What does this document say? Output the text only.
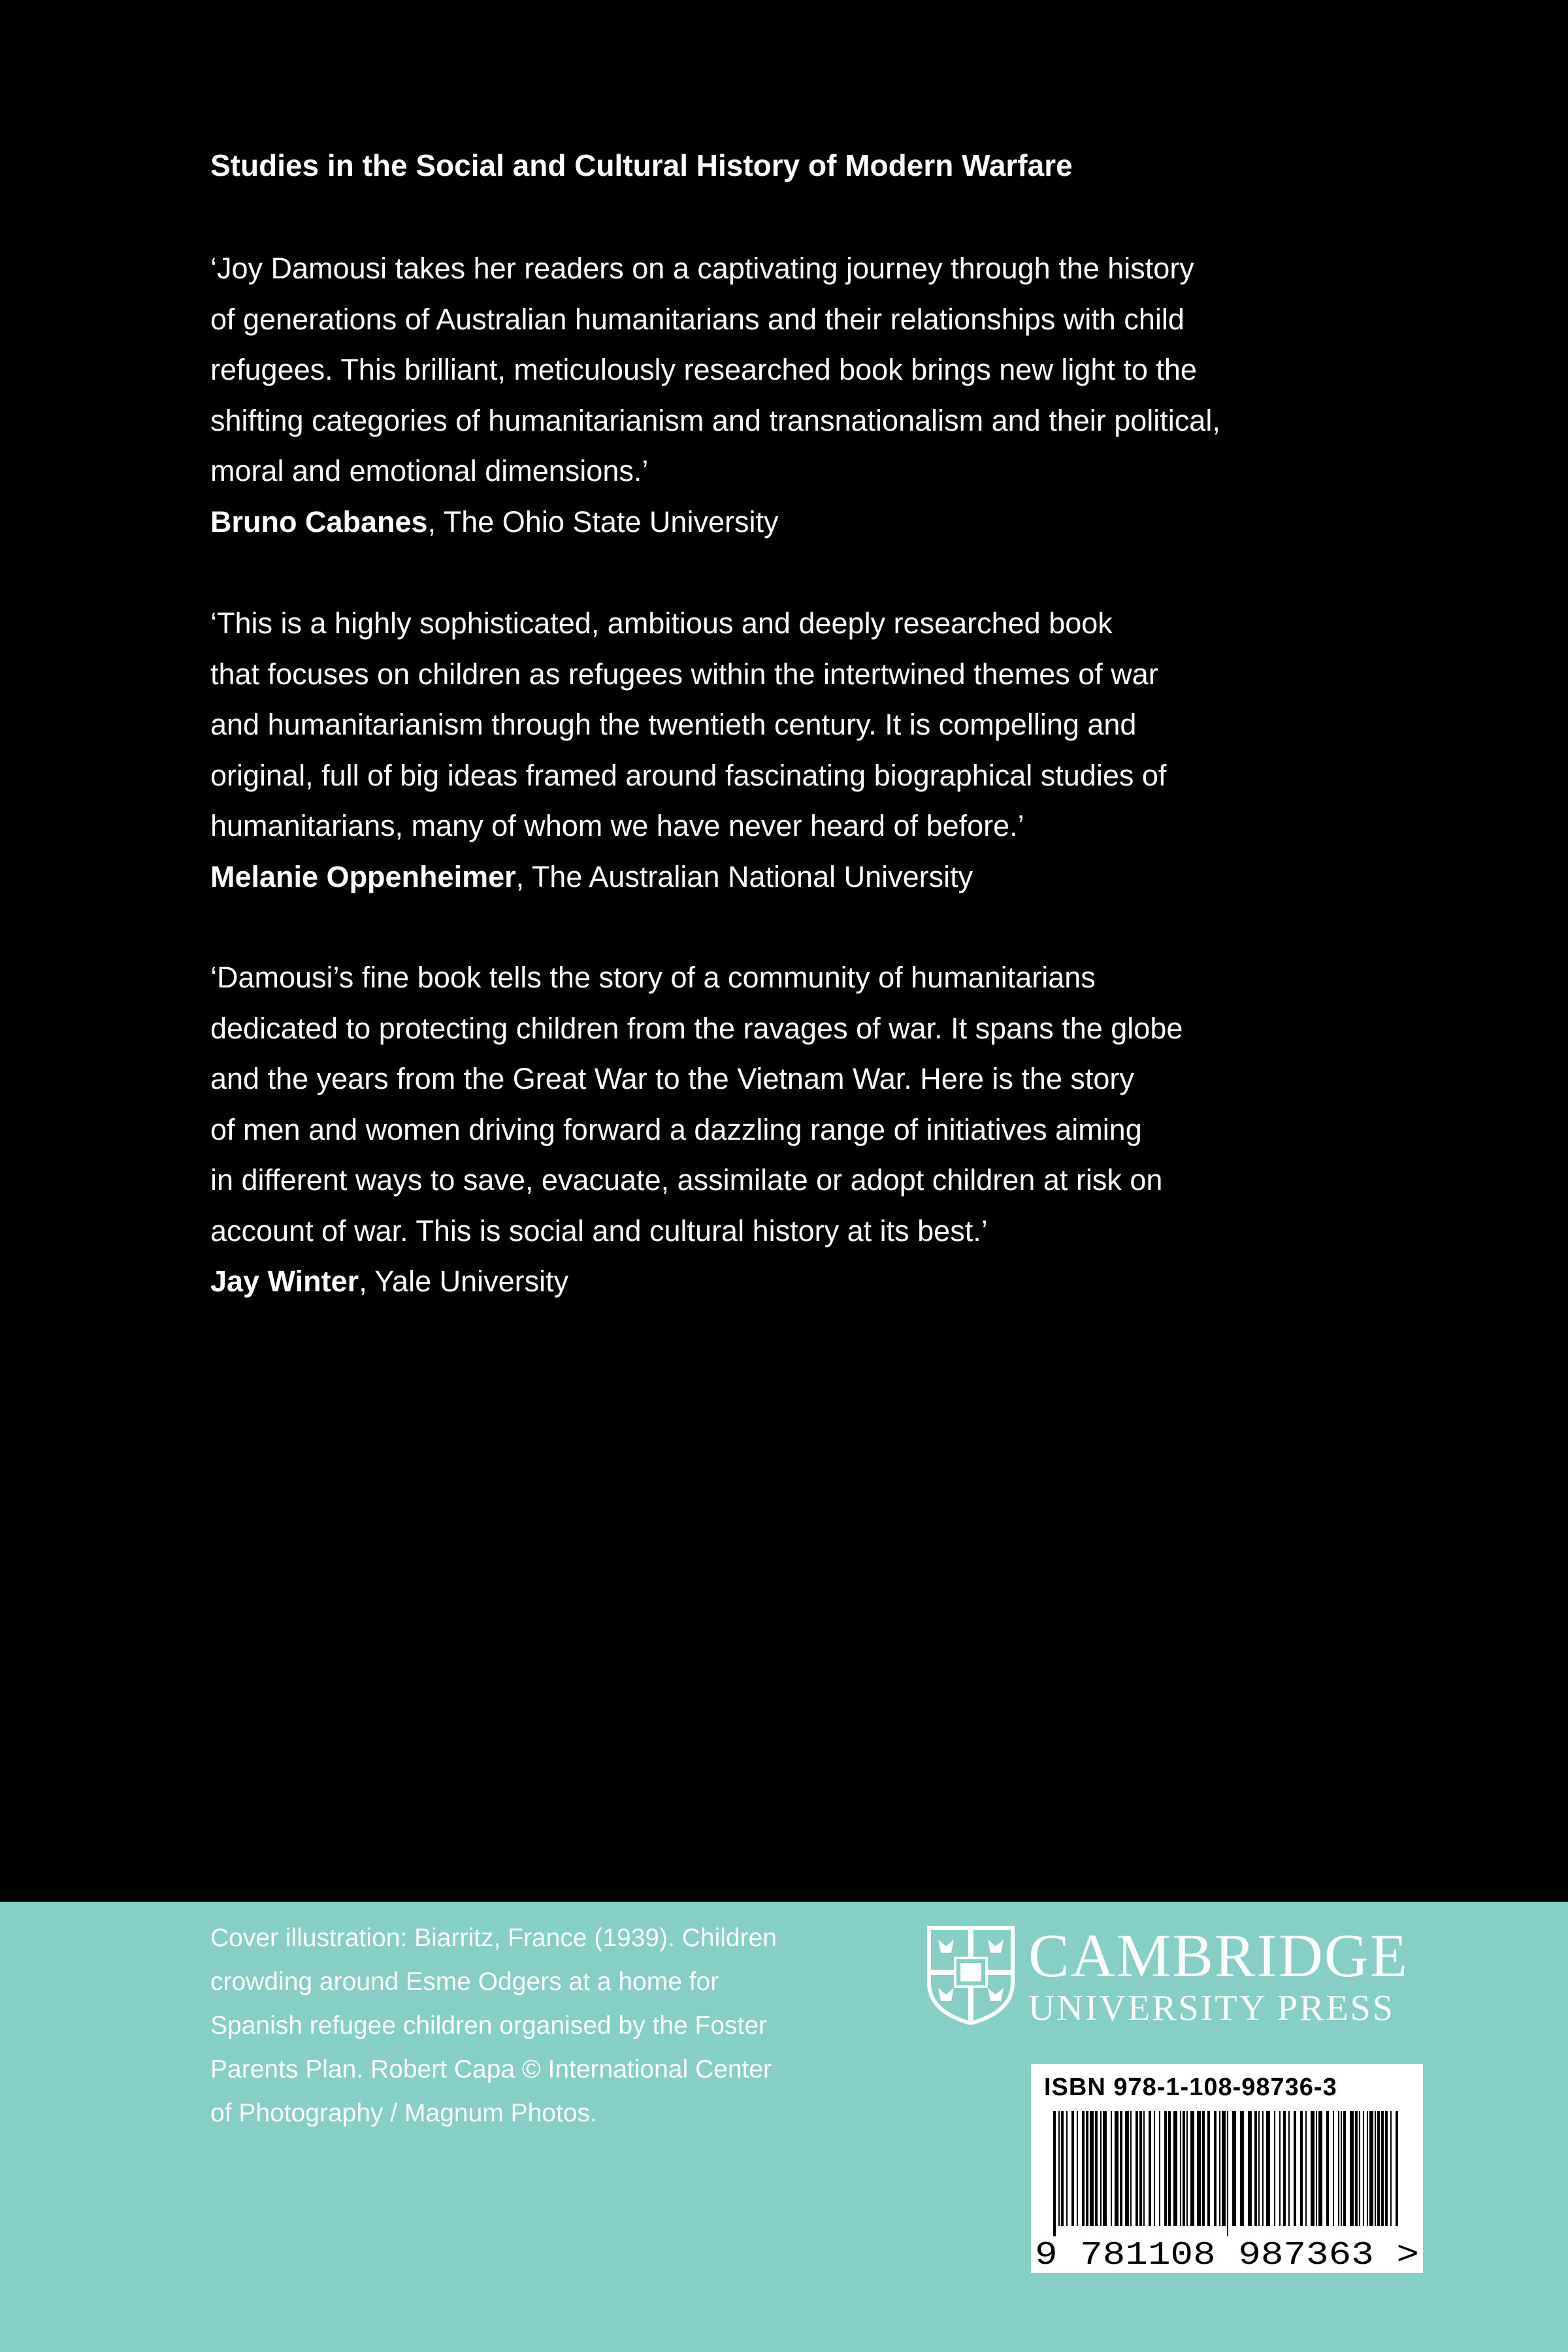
Studies in the Social and Cultural History of Modern Warfare
‘Joy Damousi takes her readers on a captivating journey through the history
of generations of Australian humanitarians and their relationships with child
refugees. This brilliant, meticulously researched book brings new light to the
shifting categories of humanitarianism and transnationalism and their political,
moral and emotional dimensions.’
Bruno Cabanes, The Ohio State University
‘This is a highly sophisticated, ambitious and deeply researched book
that focuses on children as refugees within the intertwined themes of war
and humanitarianism through the twentieth century. It is compelling and
original, full of big ideas framed around fascinating biographical studies of
humanitarians, many of whom we have never heard of before.’
Melanie Oppenheimer, The Australian National University
‘Damousi’s fine book tells the story of a community of humanitarians
dedicated to protecting children from the ravages of war. It spans the globe
and the years from the Great War to the Vietnam War. Here is the story
of men and women driving forward a dazzling range of initiatives aiming
in different ways to save, evacuate, assimilate or adopt children at risk on
account of war. This is social and cultural history at its best.’
Jay Winter, Yale University
Cover illustration: Biarritz, France (1939). Children
crowding around Esme Odgers at a home for
Spanish refugee children organised by the Foster
Parents Plan. Robert Capa © International Center
of Photography / Magnum Photos.
CAMBRIDGE
UNIVERSITY PRESS
9 781108 987363 >
ISBN 978-1-108-98736-3
